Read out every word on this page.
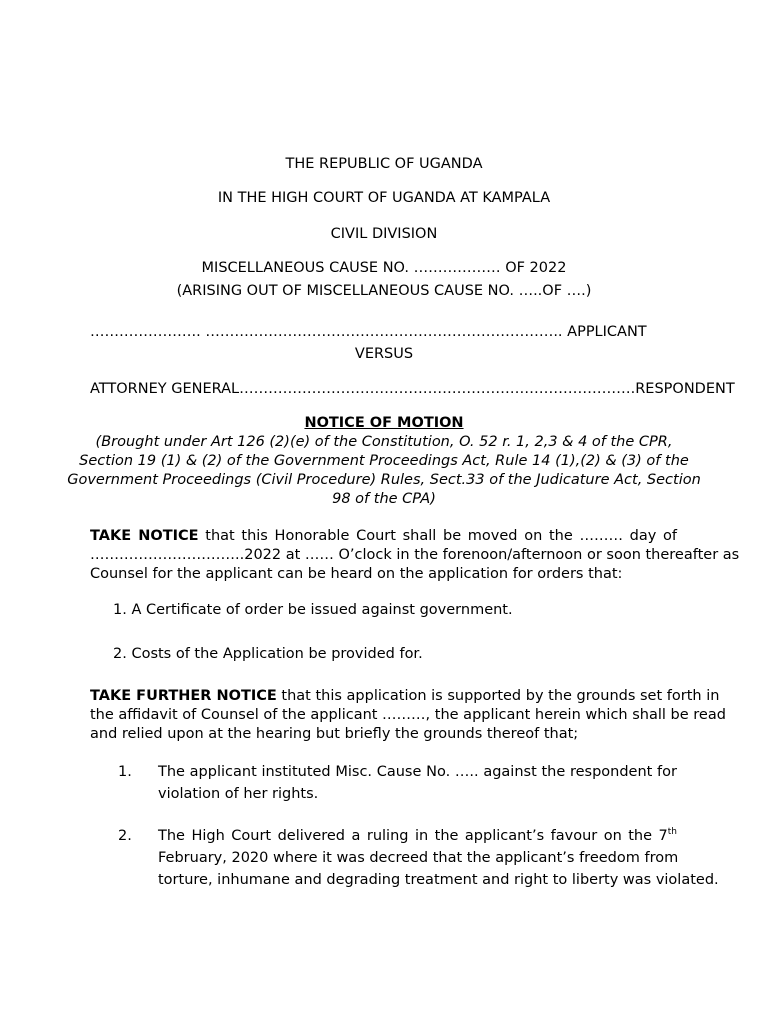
THE REPUBLIC OF UGANDA
IN THE HIGH COURT OF UGANDA AT KAMPALA
CIVIL DIVISION
MISCELLANEOUS CAUSE NO. ……………… OF 2022
(ARISING OUT OF MISCELLANEOUS CAUSE NO. …..OF ….)
………………….. ……………………………………………………………….. APPLICANT
VERSUS
ATTORNEY GENERAL……………………………………………………………………….RESPONDENT
NOTICE OF MOTION
(Brought under Art 126 (2)(e) of the Constitution, O. 52 r. 1, 2,3 & 4 of the CPR,
Section 19 (1) & (2) of the Government Proceedings Act, Rule 14 (1),(2) & (3) of the
Government Proceedings (Civil Procedure) Rules, Sect.33 of the Judicature Act, Section
98 of the CPA)
TAKE NOTICE that this Honorable Court shall be moved on the ……… day of
…………………………..2022 at …… O’clock in the forenoon/afternoon or soon thereafter as
Counsel for the applicant can be heard on the application for orders that:
1. A Certificate of order be issued against government.
2. Costs of the Application be provided for.
TAKE FURTHER NOTICE that this application is supported by the grounds set forth in
the affidavit of Counsel of the applicant ………, the applicant herein which shall be read
and relied upon at the hearing but briefly the grounds thereof that;
1. The applicant instituted Misc. Cause No. ….. against the respondent for
violation of her rights.
2. The High Court delivered a ruling in the applicant’s favour on the 7th
February, 2020 where it was decreed that the applicant’s freedom from
torture, inhumane and degrading treatment and right to liberty was violated.
